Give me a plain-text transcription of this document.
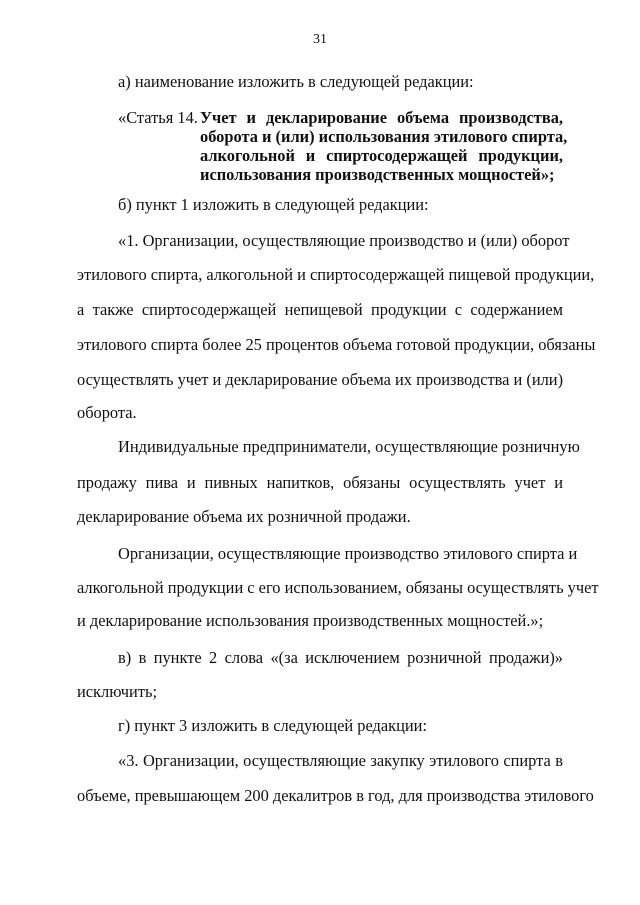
31
а) наименование изложить в следующей редакции:
«Статья 14. Учет и декларирование объема производства,
оборота и (или) использования этилового спирта,
алкогольной и спиртосодержащей продукции,
использования производственных мощностей»;
б) пункт 1 изложить в следующей редакции:
«1. Организации, осуществляющие производство и (или) оборот
этилового спирта, алкогольной и спиртосодержащей пищевой продукции,
а также спиртосодержащей непищевой продукции с содержанием
этилового спирта более 25 процентов объема готовой продукции, обязаны
осуществлять учет и декларирование объема их производства и (или)
оборота.
Индивидуальные предприниматели, осуществляющие розничную
продажу пива и пивных напитков, обязаны осуществлять учет и
декларирование объема их розничной продажи.
Организации, осуществляющие производство этилового спирта и
алкогольной продукции с его использованием, обязаны осуществлять учет
и декларирование использования производственных мощностей.»;
в) в пункте 2 слова «(за исключением розничной продажи)»
исключить;
г) пункт 3 изложить в следующей редакции:
«3. Организации, осуществляющие закупку этилового спирта в
объеме, превышающем 200 декалитров в год, для производства этилового
